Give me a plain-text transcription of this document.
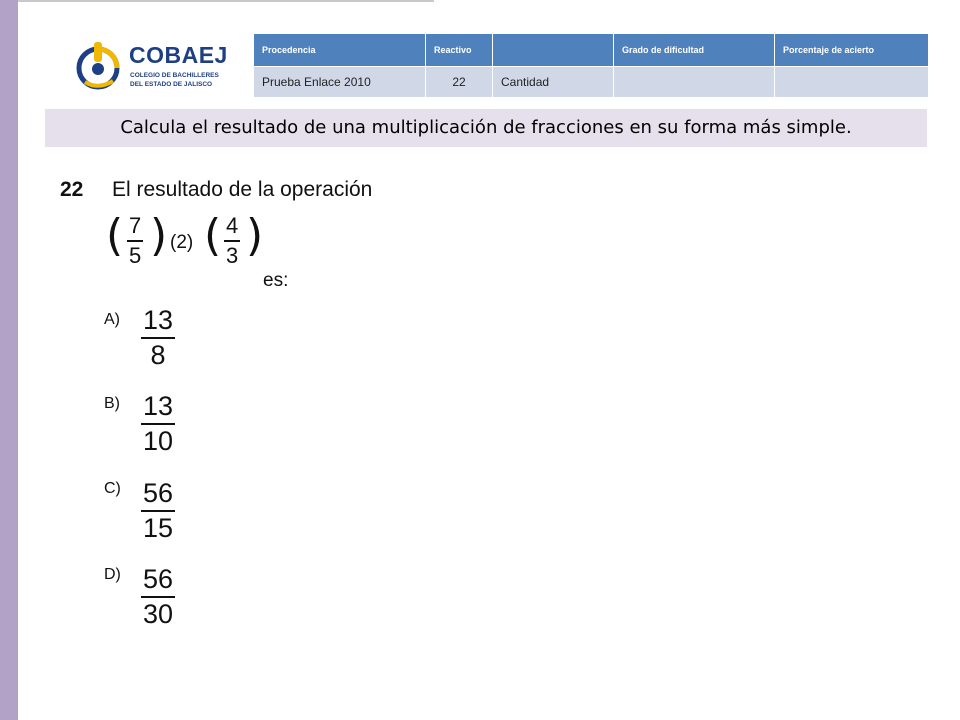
COBAEJ
COLEGIO DE BACHILLERES
DEL ESTADO DE JALISCO
Procedencia	Reactivo		Grado de dificultad	Porcentaje de acierto
Prueba Enlace 2010	22	Cantidad		
Calcula el resultado de una multiplicación de fracciones en su forma más simple.
22 El resultado de la operación
( 7
5 ) (2) ( 4
3 )
es:
A) 13
8
B) 13
10
C) 56
15
D) 56
30
